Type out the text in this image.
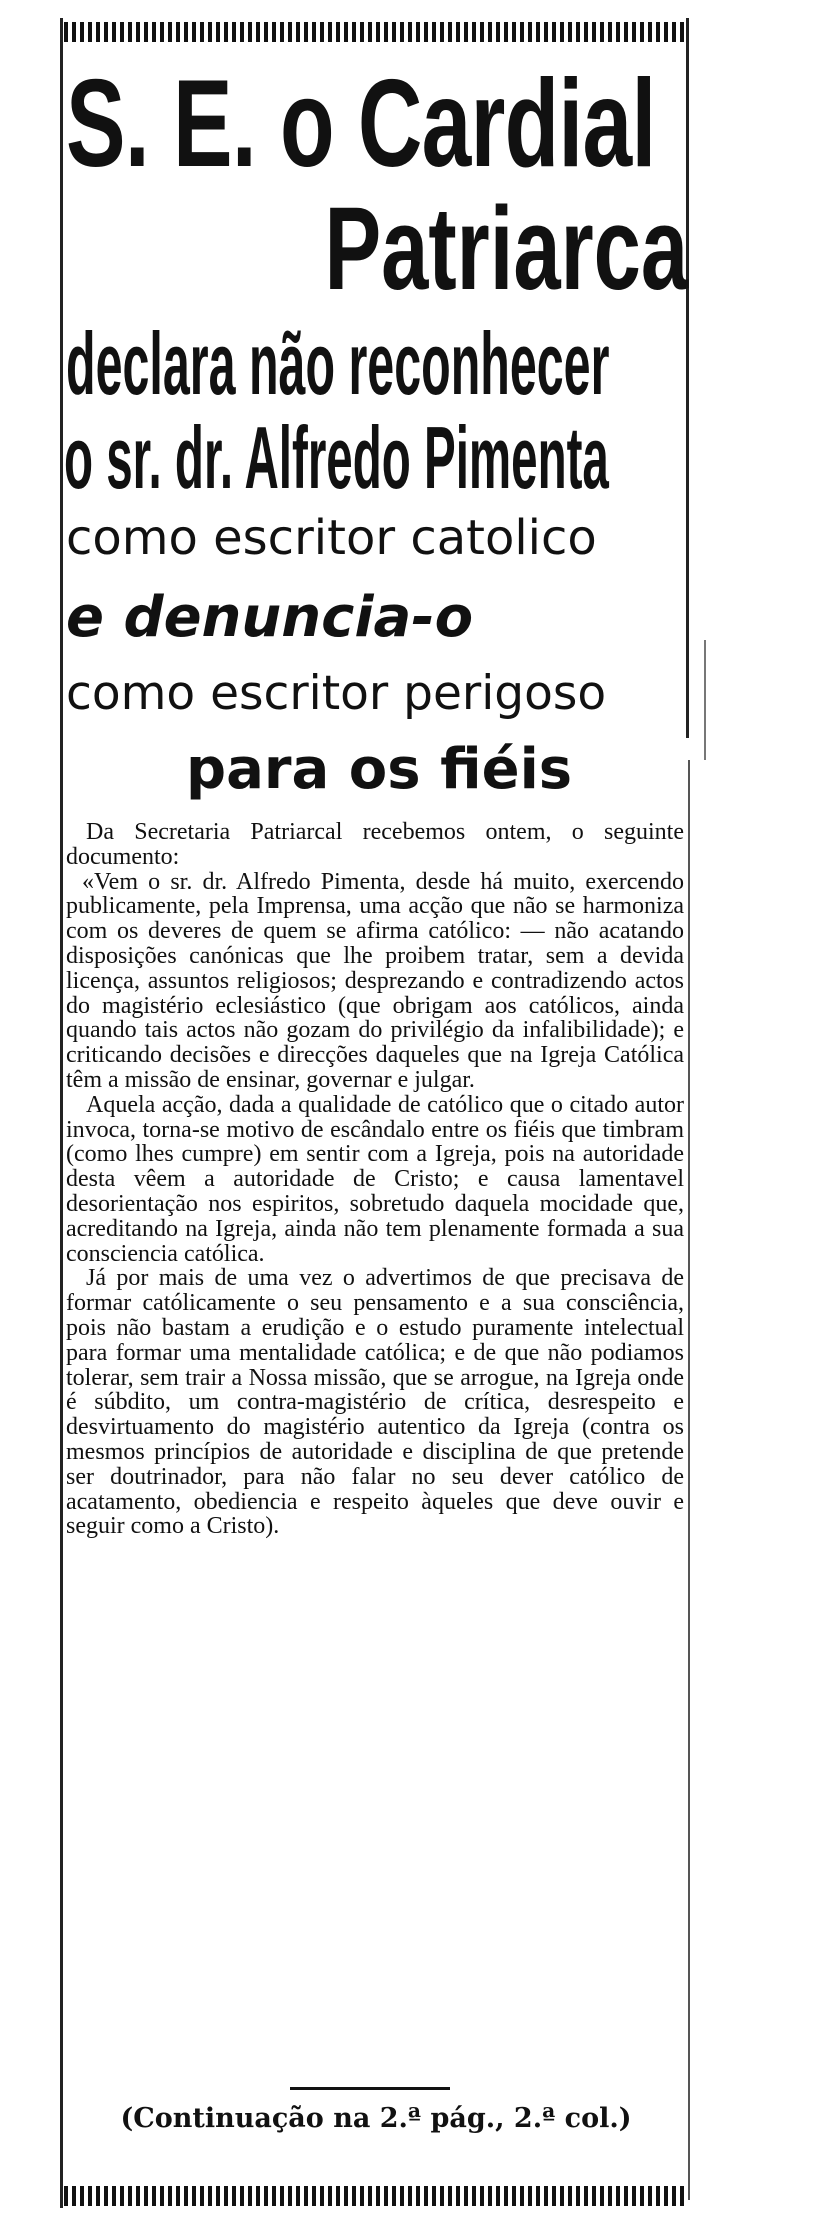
S. E. o Cardial
Patriarca
declara não reconhecer
o sr. dr. Alfredo Pimenta
como escritor catolico
e denuncia-o
como escritor perigoso
para os fiéis

Da Secretaria Patriarcal recebemos ontem, o seguinte documento:

«Vem o sr. dr. Alfredo Pimenta, desde há muito, exercendo publicamente, pela Imprensa, uma acção que não se harmoniza com os deveres de quem se afirma católico: — não acatando disposições canónicas que lhe proibem tratar, sem a devida licença, assuntos religiosos; desprezando e contradizendo actos do magistério eclesiástico (que obrigam aos católicos, ainda quando tais actos não gozam do privilégio da infalibilidade); e criticando decisões e direcções daqueles que na Igreja Católica têm a missão de ensinar, governar e julgar.

Aquela acção, dada a qualidade de católico que o citado autor invoca, torna-se motivo de escândalo entre os fiéis que timbram (como lhes cumpre) em sentir com a Igreja, pois na autoridade desta vêem a autoridade de Cristo; e causa lamentavel desorientação nos espiritos, sobretudo daquela mocidade que, acreditando na Igreja, ainda não tem plenamente formada a sua consciencia católica.

Já por mais de uma vez o advertimos de que precisava de formar católicamente o seu pensamento e a sua consciência, pois não bastam a erudição e o estudo puramente intelectual para formar uma mentalidade católica; e de que não podiamos tolerar, sem trair a Nossa missão, que se arrogue, na Igreja onde é súbdito, um contra-magistério de crítica, desrespeito e desvirtuamento do magistério autentico da Igreja (contra os mesmos princípios de autoridade e disciplina de que pretende ser doutrinador, para não falar no seu dever católico de acatamento, obediencia e respeito àqueles que deve ouvir e seguir como a Cristo).

(Continuação na 2.ª pág., 2.ª col.)
